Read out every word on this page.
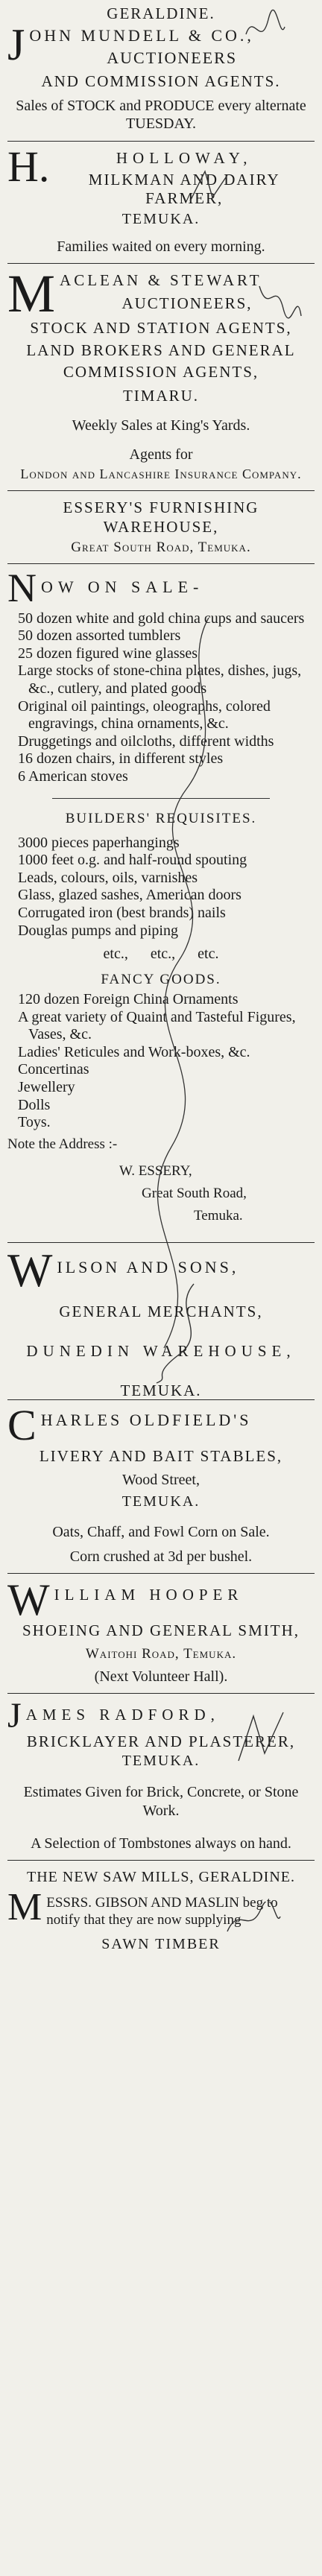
GERALDINE.
J OHN MUNDELL & CO.,
AUCTIONEERS
AND COMMISSION AGENTS.
Sales of STOCK and PRODUCE every alternate TUESDAY.
H.	HOLLOWAY,
MILKMAN AND DAIRY FARMER,
TEMUKA.
Families waited on every morning.
M ACLEAN & STEWART
AUCTIONEERS,
STOCK AND STATION AGENTS,
LAND BROKERS AND GENERAL
COMMISSION AGENTS,
TIMARU.
Weekly Sales at King's Yards.
Agents for
London and Lancashire Insurance Company.
ESSERY'S FURNISHING WAREHOUSE,
Great South Road, Temuka.
N OW ON SALE-
50 dozen white and gold china cups and saucers
50 dozen assorted tumblers
25 dozen figured wine glasses
Large stocks of stone-china plates, dishes, jugs, &c., cutlery, and plated goods
Original oil paintings, oleographs, colored engravings, china ornaments, &c.
Druggetings and oilcloths, different widths
16 dozen chairs, in different styles
6 American stoves
BUILDERS' REQUISITES.
3000 pieces paperhangings
1000 feet o.g. and half-round spouting
Leads, colours, oils, varnishes
Glass, glazed sashes, American doors
Corrugated iron (best brands) nails
Douglas pumps and piping
etc.,      etc.,      etc.
FANCY GOODS.
120 dozen Foreign China Ornaments
A great variety of Quaint and Tasteful Figures, Vases, &c.
Ladies' Reticules and Work-boxes, &c.
Concertinas
Jewellery
Dolls
Toys.
Note the Address :-
W. ESSERY,
Great South Road,
Temuka.
W ILSON AND SONS,
GENERAL MERCHANTS,
DUNEDIN WAREHOUSE,
TEMUKA.
C HARLES OLDFIELD'S
LIVERY AND BAIT STABLES,
Wood Street,
TEMUKA.
Oats, Chaff, and Fowl Corn on Sale.
Corn crushed at 3d per bushel.
W ILLIAM HOOPER
SHOEING AND GENERAL SMITH,
Waitohi Road, Temuka.
(Next Volunteer Hall).
J AMES RADFORD,
BRICKLAYER AND PLASTERER,
TEMUKA.
Estimates Given for Brick, Concrete, or Stone Work.
A Selection of Tombstones always on hand.
THE NEW SAW MILLS, GERALDINE.
M ESSRS. GIBSON AND MASLIN beg to notify that they are now supplying
SAWN TIMBER
